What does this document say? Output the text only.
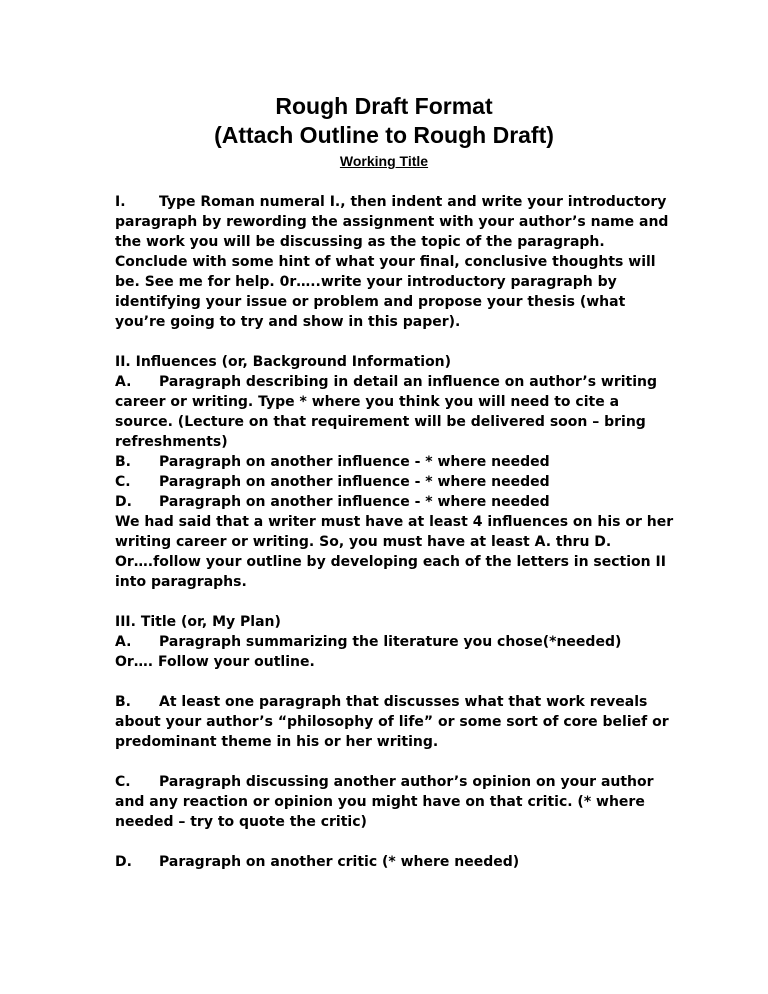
Rough Draft Format
(Attach Outline to Rough Draft)
Working Title

I. Type Roman numeral I., then indent and write your introductory paragraph by rewording the assignment with your author’s name and the work you will be discussing as the topic of the paragraph. Conclude with some hint of what your final, conclusive thoughts will be. See me for help. 0r…..write your introductory paragraph by identifying your issue or problem and propose your thesis (what you’re going to try and show in this paper).

II. Influences (or, Background Information)

A. Paragraph describing in detail an influence on author’s writing career or writing. Type * where you think you will need to cite a source. (Lecture on that requirement will be delivered soon – bring refreshments)

B. Paragraph on another influence - * where needed

C. Paragraph on another influence - * where needed

D. Paragraph on another influence - * where needed

We had said that a writer must have at least 4 influences on his or her writing career or writing. So, you must have at least A. thru D.Or….follow your outline by developing each of the letters in section II into paragraphs.

III. Title (or, My Plan)

A. Paragraph summarizing the literature you chose(*needed)

Or…. Follow your outline.

B. At least one paragraph that discusses what that work reveals about your author’s “philosophy of life” or some sort of core belief or predominant theme in his or her writing.

C. Paragraph discussing another author’s opinion on your author and any reaction or opinion you might have on that critic. (* where needed – try to quote the critic)

D. Paragraph on another critic (* where needed)
